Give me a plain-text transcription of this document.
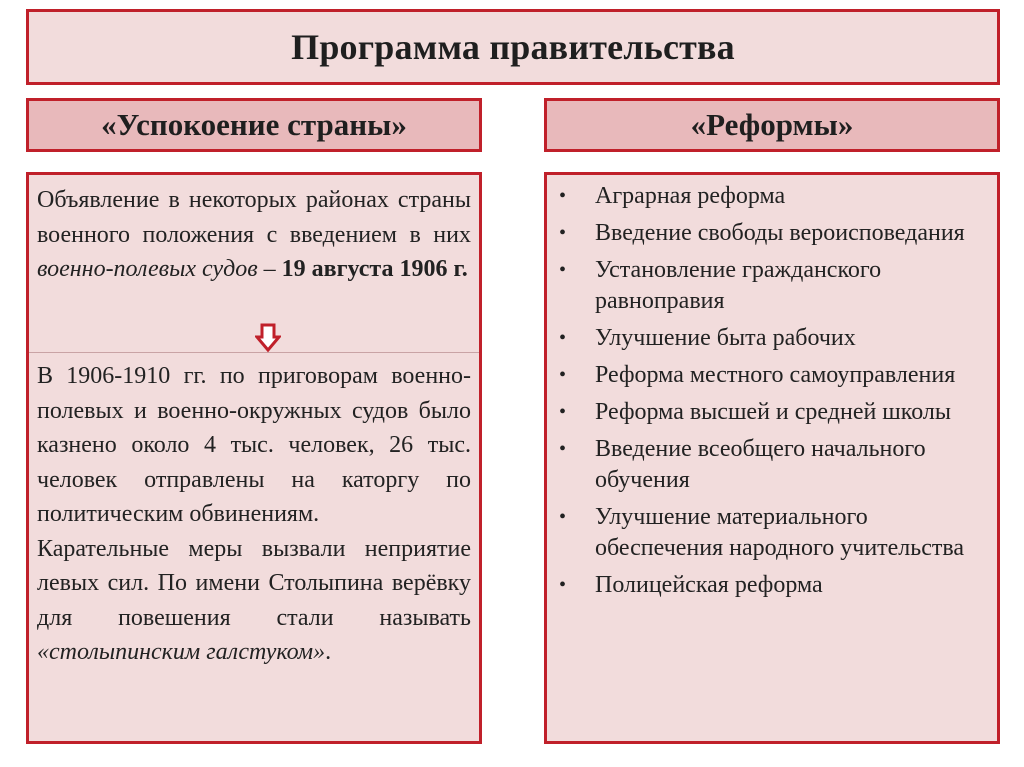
Программа правительства
«Успокоение страны»	«Реформы»

Объявление в некоторых районах страны военного положения с введением в них военно-полевых судов – 19 августа 1906 г.

В 1906-1910 гг. по приговорам военно-полевых и военно-окружных судов было казнено около 4 тыс. человек, 26 тыс. человек отправлены на каторгу по политическим обвинениям.

Карательные меры вызвали неприятие левых сил. По имени Столыпина верёвку для повешения стали называть «столыпинским галстуком».

• Аграрная реформа
• Введение свободы вероисповедания
• Установление гражданского равноправия
• Улучшение быта рабочих
• Реформа местного самоуправления
• Реформа высшей и средней школы
• Введение всеобщего начального обучения
• Улучшение материального обеспечения народного учительства
• Полицейская реформа
